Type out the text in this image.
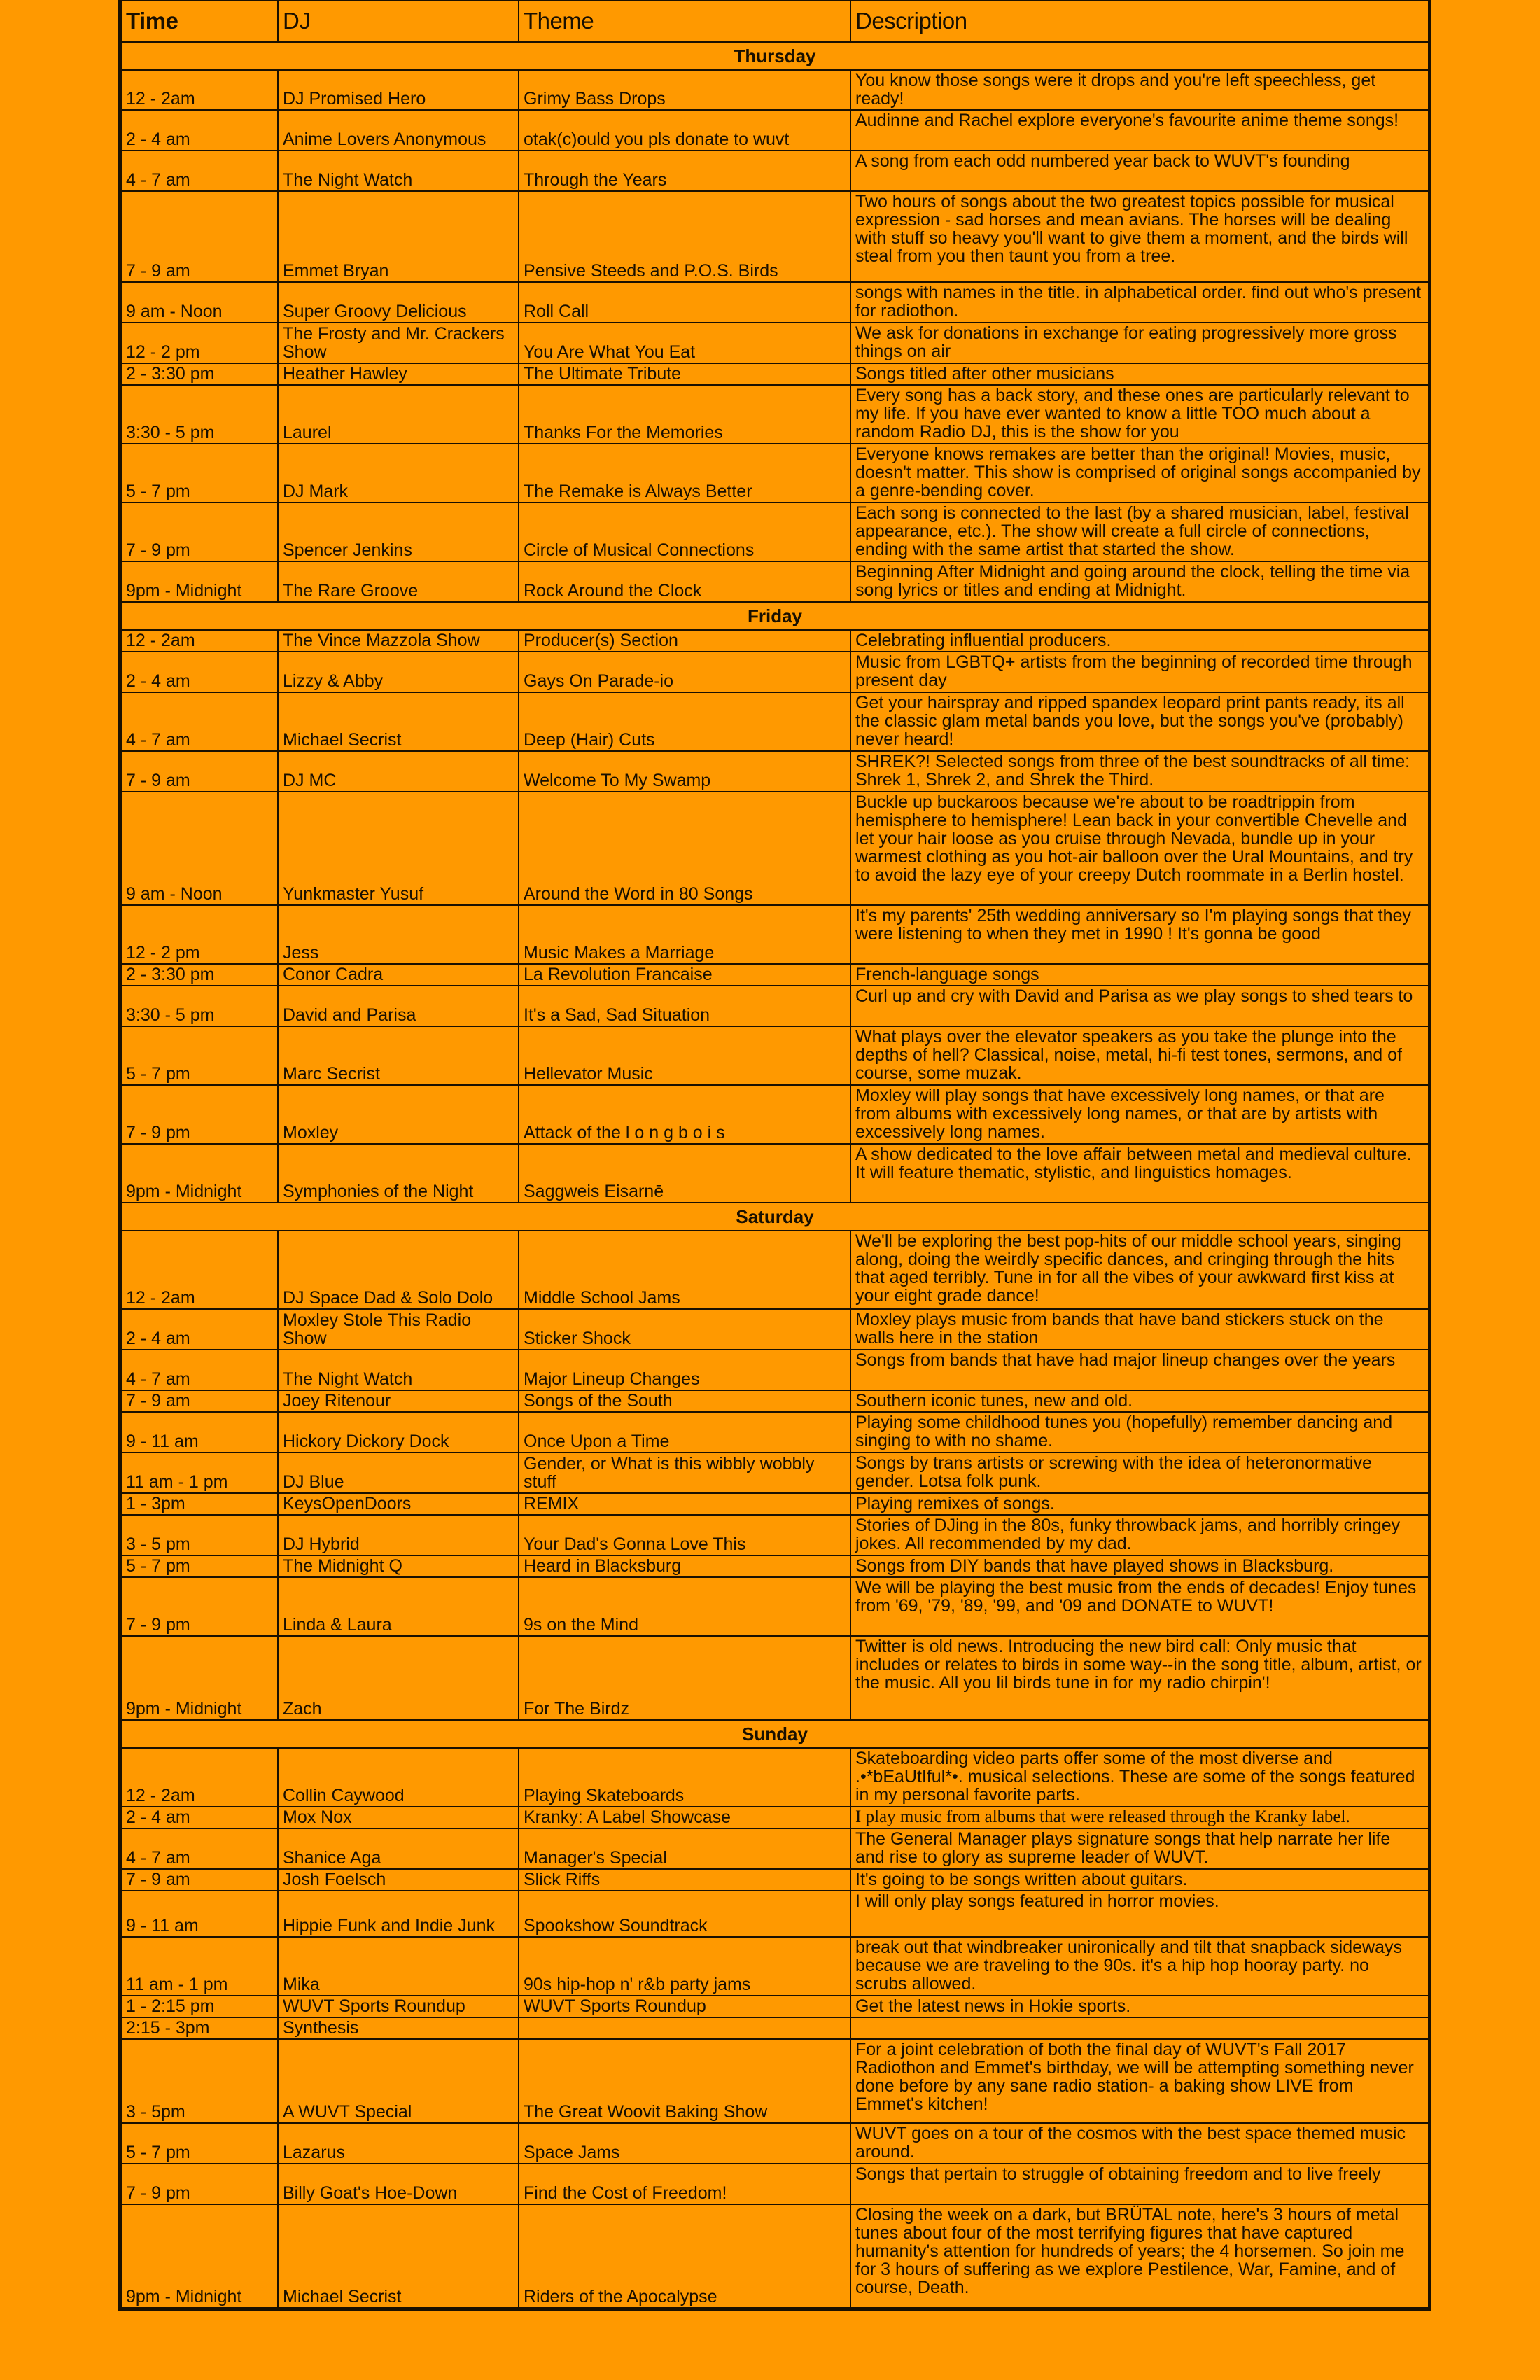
Time	DJ	Theme	Description
Thursday			
12 - 2am	DJ Promised Hero	Grimy Bass Drops	You know those songs were it drops and you're left speechless, get ready!
2 - 4 am	Anime Lovers Anonymous	otak(c)ould you pls donate to wuvt	Audinne and Rachel explore everyone's favourite anime theme songs!
4 - 7 am	The Night Watch	Through the Years	A song from each odd numbered year back to WUVT's founding
7 - 9 am	Emmet Bryan	Pensive Steeds and P.O.S. Birds	Two hours of songs about the two greatest topics possible for musical expression - sad horses and mean avians. The horses will be dealing with stuff so heavy you'll want to give them a moment, and the birds will steal from you then taunt you from a tree.
9 am - Noon	Super Groovy Delicious	Roll Call	songs with names in the title. in alphabetical order. find out who's present for radiothon.
12 - 2 pm	The Frosty and Mr. Crackers Show	You Are What You Eat	We ask for donations in exchange for eating progressively more gross things on air
2 - 3:30 pm	Heather Hawley	The Ultimate Tribute	Songs titled after other musicians
3:30 - 5 pm	Laurel	Thanks For the Memories	Every song has a back story, and these ones are particularly relevant to my life. If you have ever wanted to know a little TOO much about a random Radio DJ, this is the show for you
5 - 7 pm	DJ Mark	The Remake is Always Better	Everyone knows remakes are better than the original! Movies, music, doesn't matter. This show is comprised of original songs accompanied by a genre-bending cover.
7 - 9 pm	Spencer Jenkins	Circle of Musical Connections	Each song is connected to the last (by a shared musician, label, festival appearance, etc.). The show will create a full circle of connections, ending with the same artist that started the show.
9pm - Midnight	The Rare Groove	Rock Around the Clock	Beginning After Midnight and going around the clock, telling the time via song lyrics or titles and ending at Midnight.
Friday			
12 - 2am	The Vince Mazzola Show	Producer(s) Section	Celebrating influential producers.
2 - 4 am	Lizzy & Abby	Gays On Parade-io	Music from LGBTQ+ artists from the beginning of recorded time through present day
4 - 7 am	Michael Secrist	Deep (Hair) Cuts	Get your hairspray and ripped spandex leopard print pants ready, its all the classic glam metal bands you love, but the songs you've (probably) never heard!
7 - 9 am	DJ MC	Welcome To My Swamp	SHREK?! Selected songs from three of the best soundtracks of all time: Shrek 1, Shrek 2, and Shrek the Third.
9 am - Noon	Yunkmaster Yusuf	Around the Word in 80 Songs	Buckle up buckaroos because we're about to be roadtrippin from hemisphere to hemisphere! Lean back in your convertible Chevelle and let your hair loose as you cruise through Nevada, bundle up in your warmest clothing as you hot-air balloon over the Ural Mountains, and try to avoid the lazy eye of your creepy Dutch roommate in a Berlin hostel.
12 - 2 pm	Jess	Music Makes a Marriage	It's my parents' 25th wedding anniversary so I'm playing songs that they were listening to when they met in 1990 ! It's gonna be good
2 - 3:30 pm	Conor Cadra	La Revolution Francaise	French-language songs
3:30 - 5 pm	David and Parisa	It's a Sad, Sad Situation	Curl up and cry with David and Parisa as we play songs to shed tears to
5 - 7 pm	Marc Secrist	Hellevator Music	What plays over the elevator speakers as you take the plunge into the depths of hell? Classical, noise, metal, hi-fi test tones, sermons, and of course, some muzak.
7 - 9 pm	Moxley	Attack of the l o n g b o i s	Moxley will play songs that have excessively long names, or that are from albums with excessively long names, or that are by artists with excessively long names.
9pm - Midnight	Symphonies of the Night	Saggweis Eisarnē	A show dedicated to the love affair between metal and medieval culture. It will feature thematic, stylistic, and linguistics homages.
Saturday			
12 - 2am	DJ Space Dad & Solo Dolo	Middle School Jams	We'll be exploring the best pop-hits of our middle school years, singing along, doing the weirdly specific dances, and cringing through the hits that aged terribly. Tune in for all the vibes of your awkward first kiss at your eight grade dance!
2 - 4 am	Moxley Stole This Radio Show	Sticker Shock	Moxley plays music from bands that have band stickers stuck on the walls here in the station
4 - 7 am	The Night Watch	Major Lineup Changes	Songs from bands that have had major lineup changes over the years
7 - 9 am	Joey Ritenour	Songs of the South	Southern iconic tunes, new and old.
9 - 11 am	Hickory Dickory Dock	Once Upon a Time	Playing some childhood tunes you (hopefully) remember dancing and singing to with no shame.
11 am - 1 pm	DJ Blue	Gender, or What is this wibbly wobbly stuff	Songs by trans artists or screwing with the idea of heteronormative gender. Lotsa folk punk.
1 - 3pm	KeysOpenDoors	REMIX	Playing remixes of songs.
3 - 5 pm	DJ Hybrid	Your Dad's Gonna Love This	Stories of DJing in the 80s, funky throwback jams, and horribly cringey jokes. All recommended by my dad.
5 - 7 pm	The Midnight Q	Heard in Blacksburg	Songs from DIY bands that have played shows in Blacksburg.
7 - 9 pm	Linda & Laura	9s on the Mind	We will be playing the best music from the ends of decades! Enjoy tunes from '69, '79, '89, '99, and '09 and DONATE to WUVT!
9pm - Midnight	Zach	For The Birdz	Twitter is old news. Introducing the new bird call: Only music that includes or relates to birds in some way--in the song title, album, artist, or the music. All you lil birds tune in for my radio chirpin'!
Sunday			
12 - 2am	Collin Caywood	Playing Skateboards	Skateboarding video parts offer some of the most diverse and .•*bEaUtIful*•. musical selections. These are some of the songs featured in my personal favorite parts.
2 - 4 am	Mox Nox	Kranky: A Label Showcase	I play music from albums that were released through the Kranky label.
4 - 7 am	Shanice Aga	Manager's Special	The General Manager plays signature songs that help narrate her life and rise to glory as supreme leader of WUVT.
7 - 9 am	Josh Foelsch	Slick Riffs	It's going to be songs written about guitars.
9 - 11 am	Hippie Funk and Indie Junk	Spookshow Soundtrack	I will only play songs featured in horror movies.
11 am - 1 pm	Mika	90s hip-hop n' r&b party jams	break out that windbreaker unironically and tilt that snapback sideways because we are traveling to the 90s. it's a hip hop hooray party. no scrubs allowed.
1 - 2:15 pm	WUVT Sports Roundup	WUVT Sports Roundup	Get the latest news in Hokie sports.
2:15 - 3pm	Synthesis		
3 - 5pm	A WUVT Special	The Great Woovit Baking Show	For a joint celebration of both the final day of WUVT's Fall 2017 Radiothon and Emmet's birthday, we will be attempting something never done before by any sane radio station- a baking show LIVE from Emmet's kitchen!
5 - 7 pm	Lazarus	Space Jams	WUVT goes on a tour of the cosmos with the best space themed music around.
7 - 9 pm	Billy Goat's Hoe-Down	Find the Cost of Freedom!	Songs that pertain to struggle of obtaining freedom and to live freely
9pm - Midnight	Michael Secrist	Riders of the Apocalypse	Closing the week on a dark, but BRÜTAL note, here's 3 hours of metal tunes about four of the most terrifying figures that have captured humanity's attention for hundreds of years; the 4 horsemen. So join me for 3 hours of suffering as we explore Pestilence, War, Famine, and of course, Death.
